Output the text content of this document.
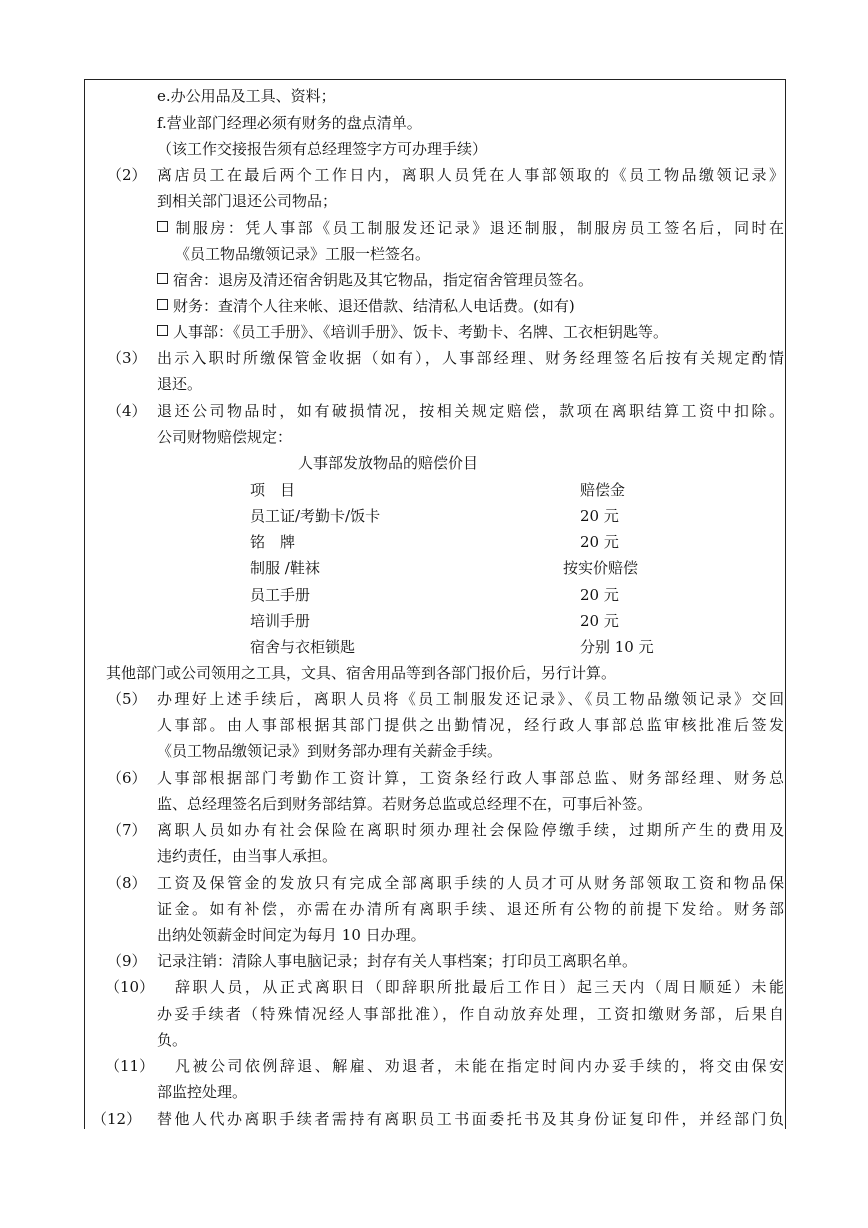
e.办公用品及工具、资料；
f.营业部门经理必须有财务的盘点清单。
（该工作交接报告须有总经理签字方可办理手续）
（2） 离店员工在最后两个工作日内，离职人员凭在人事部领取的《员工物品缴领记录》
到相关部门退还公司物品；
制服房：凭人事部《员工制服发还记录》退还制服，制服房员工签名后，同时在
《员工物品缴领记录》工服一栏签名。
宿舍：退房及清还宿舍钥匙及其它物品，指定宿舍管理员签名。
财务：查清个人往来帐、退还借款、结清私人电话费。(如有)
人事部：《员工手册》、《培训手册》、饭卡、考勤卡、名牌、工衣柜钥匙等。
（3） 出示入职时所缴保管金收据（如有），人事部经理、财务经理签名后按有关规定酌情
退还。
（4） 退还公司物品时，如有破损情况，按相关规定赔偿，款项在离职结算工资中扣除。
公司财物赔偿规定：
人事部发放物品的赔偿价目
项　目	赔偿金
员工证/考勤卡/饭卡	20 元
铭　牌	20 元
制服 /鞋袜	按实价赔偿
员工手册	20 元
培训手册	20 元
宿舍与衣柜锁匙	分别 10 元
其他部门或公司领用之工具，文具、宿舍用品等到各部门报价后，另行计算。
（5） 办理好上述手续后，离职人员将《员工制服发还记录》、《员工物品缴领记录》交回
人事部。由人事部根据其部门提供之出勤情况，经行政人事部总监审核批准后签发
《员工物品缴领记录》到财务部办理有关薪金手续。
（6） 人事部根据部门考勤作工资计算，工资条经行政人事部总监、财务部经理、财务总
监、总经理签名后到财务部结算。若财务总监或总经理不在，可事后补签。
（7） 离职人员如办有社会保险在离职时须办理社会保险停缴手续，过期所产生的费用及
违约责任，由当事人承担。
（8） 工资及保管金的发放只有完成全部离职手续的人员才可从财务部领取工资和物品保
证金。如有补偿，亦需在办清所有离职手续、退还所有公物的前提下发给。财务部
出纳处领薪金时间定为每月 10 日办理。
（9） 记录注销：清除人事电脑记录；封存有关人事档案；打印员工离职名单。
（10） 辞职人员，从正式离职日（即辞职所批最后工作日）起三天内（周日顺延）未能
办妥手续者（特殊情况经人事部批准），作自动放弃处理，工资扣缴财务部，后果自
负。
（11） 凡被公司依例辞退、解雇、劝退者，未能在指定时间内办妥手续的，将交由保安
部监控处理。
（12） 替他人代办离职手续者需持有离职员工书面委托书及其身份证复印件，并经部门负
